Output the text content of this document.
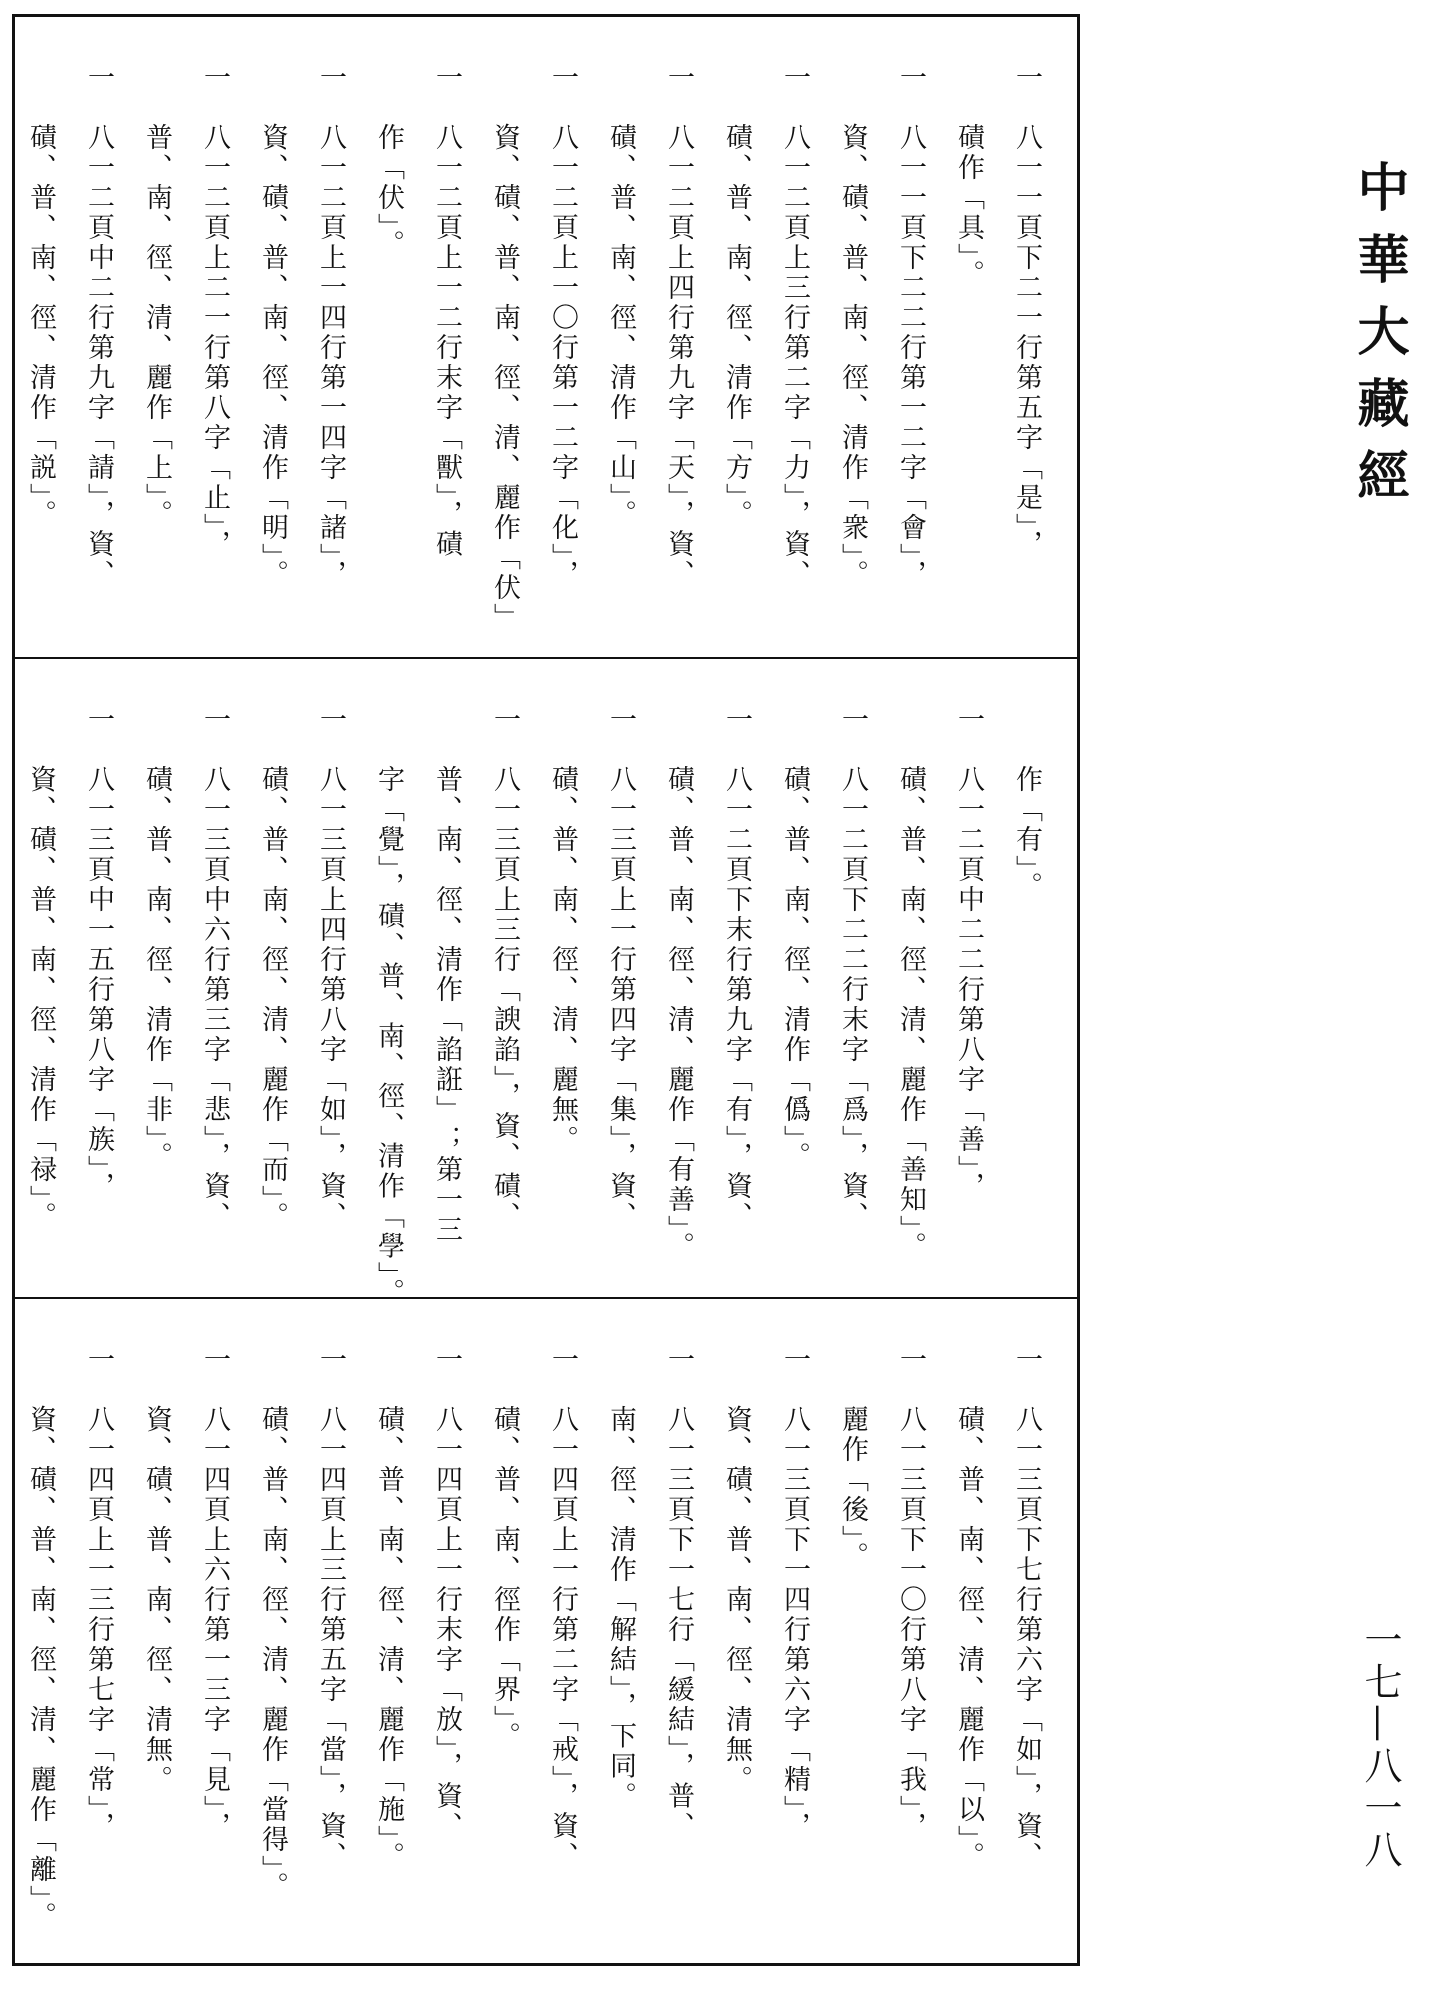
一　八一一頁下二一行第五字「是」，
　　磧作「具」。
一　八一一頁下二二行第一二字「會」，
　　資、磧、普、南、徑、清作「衆」。
一　八一二頁上三行第二字「力」，資、
　　磧、普、南、徑、清作「方」。
一　八一二頁上四行第九字「天」，資、
　　磧、普、南、徑、清作「山」。
一　八一二頁上一〇行第一二字「化」，
　　資、磧、普、南、徑、清、麗作「伏」
一　八一二頁上一二行末字「獸」，磧
　　作「伏」。
一　八一二頁上一四行第一四字「諸」，
　　資、磧、普、南、徑、清作「明」。
一　八一二頁上二一行第八字「止」，
　　普、南、徑、清、麗作「上」。
一　八一二頁中二行第九字「請」，資、
　　磧、普、南、徑、清作「説」。
　　作「有」。
一　八一二頁中二二行第八字「善」，
　　磧、普、南、徑、清、麗作「善知」。
一　八一二頁下二二行末字「爲」，資、
　　磧、普、南、徑、清作「僞」。
一　八一二頁下末行第九字「有」，資、
　　磧、普、南、徑、清、麗作「有善」。
一　八一三頁上一行第四字「集」，資、
　　磧、普、南、徑、清、麗無。
一　八一三頁上三行「諛諂」，資、磧、
　　普、南、徑、清作「諂誑」；第一三
　　字「覺」，磧、普、南、徑、清作「學」。
一　八一三頁上四行第八字「如」，資、
　　磧、普、南、徑、清、麗作「而」。
一　八一三頁中六行第三字「悲」，資、
　　磧、普、南、徑、清作「非」。
一　八一三頁中一五行第八字「族」，
　　資、磧、普、南、徑、清作「禄」。
一　八一三頁下七行第六字「如」，資、
　　磧、普、南、徑、清、麗作「以」。
一　八一三頁下一〇行第八字「我」，
　　麗作「後」。
一　八一三頁下一四行第六字「精」，
　　資、磧、普、南、徑、清無。
一　八一三頁下一七行「緩結」，普、
　　南、徑、清作「解結」，下同。
一　八一四頁上一行第二字「戒」，資、
　　磧、普、南、徑作「界」。
一　八一四頁上一行末字「放」，資、
　　磧、普、南、徑、清、麗作「施」。
一　八一四頁上三行第五字「當」，資、
　　磧、普、南、徑、清、麗作「當得」。
一　八一四頁上六行第一三字「見」，
　　資、磧、普、南、徑、清無。
一　八一四頁上一三行第七字「常」，
　　資、磧、普、南、徑、清、麗作「離」。
中華大藏經
一七—八一八
